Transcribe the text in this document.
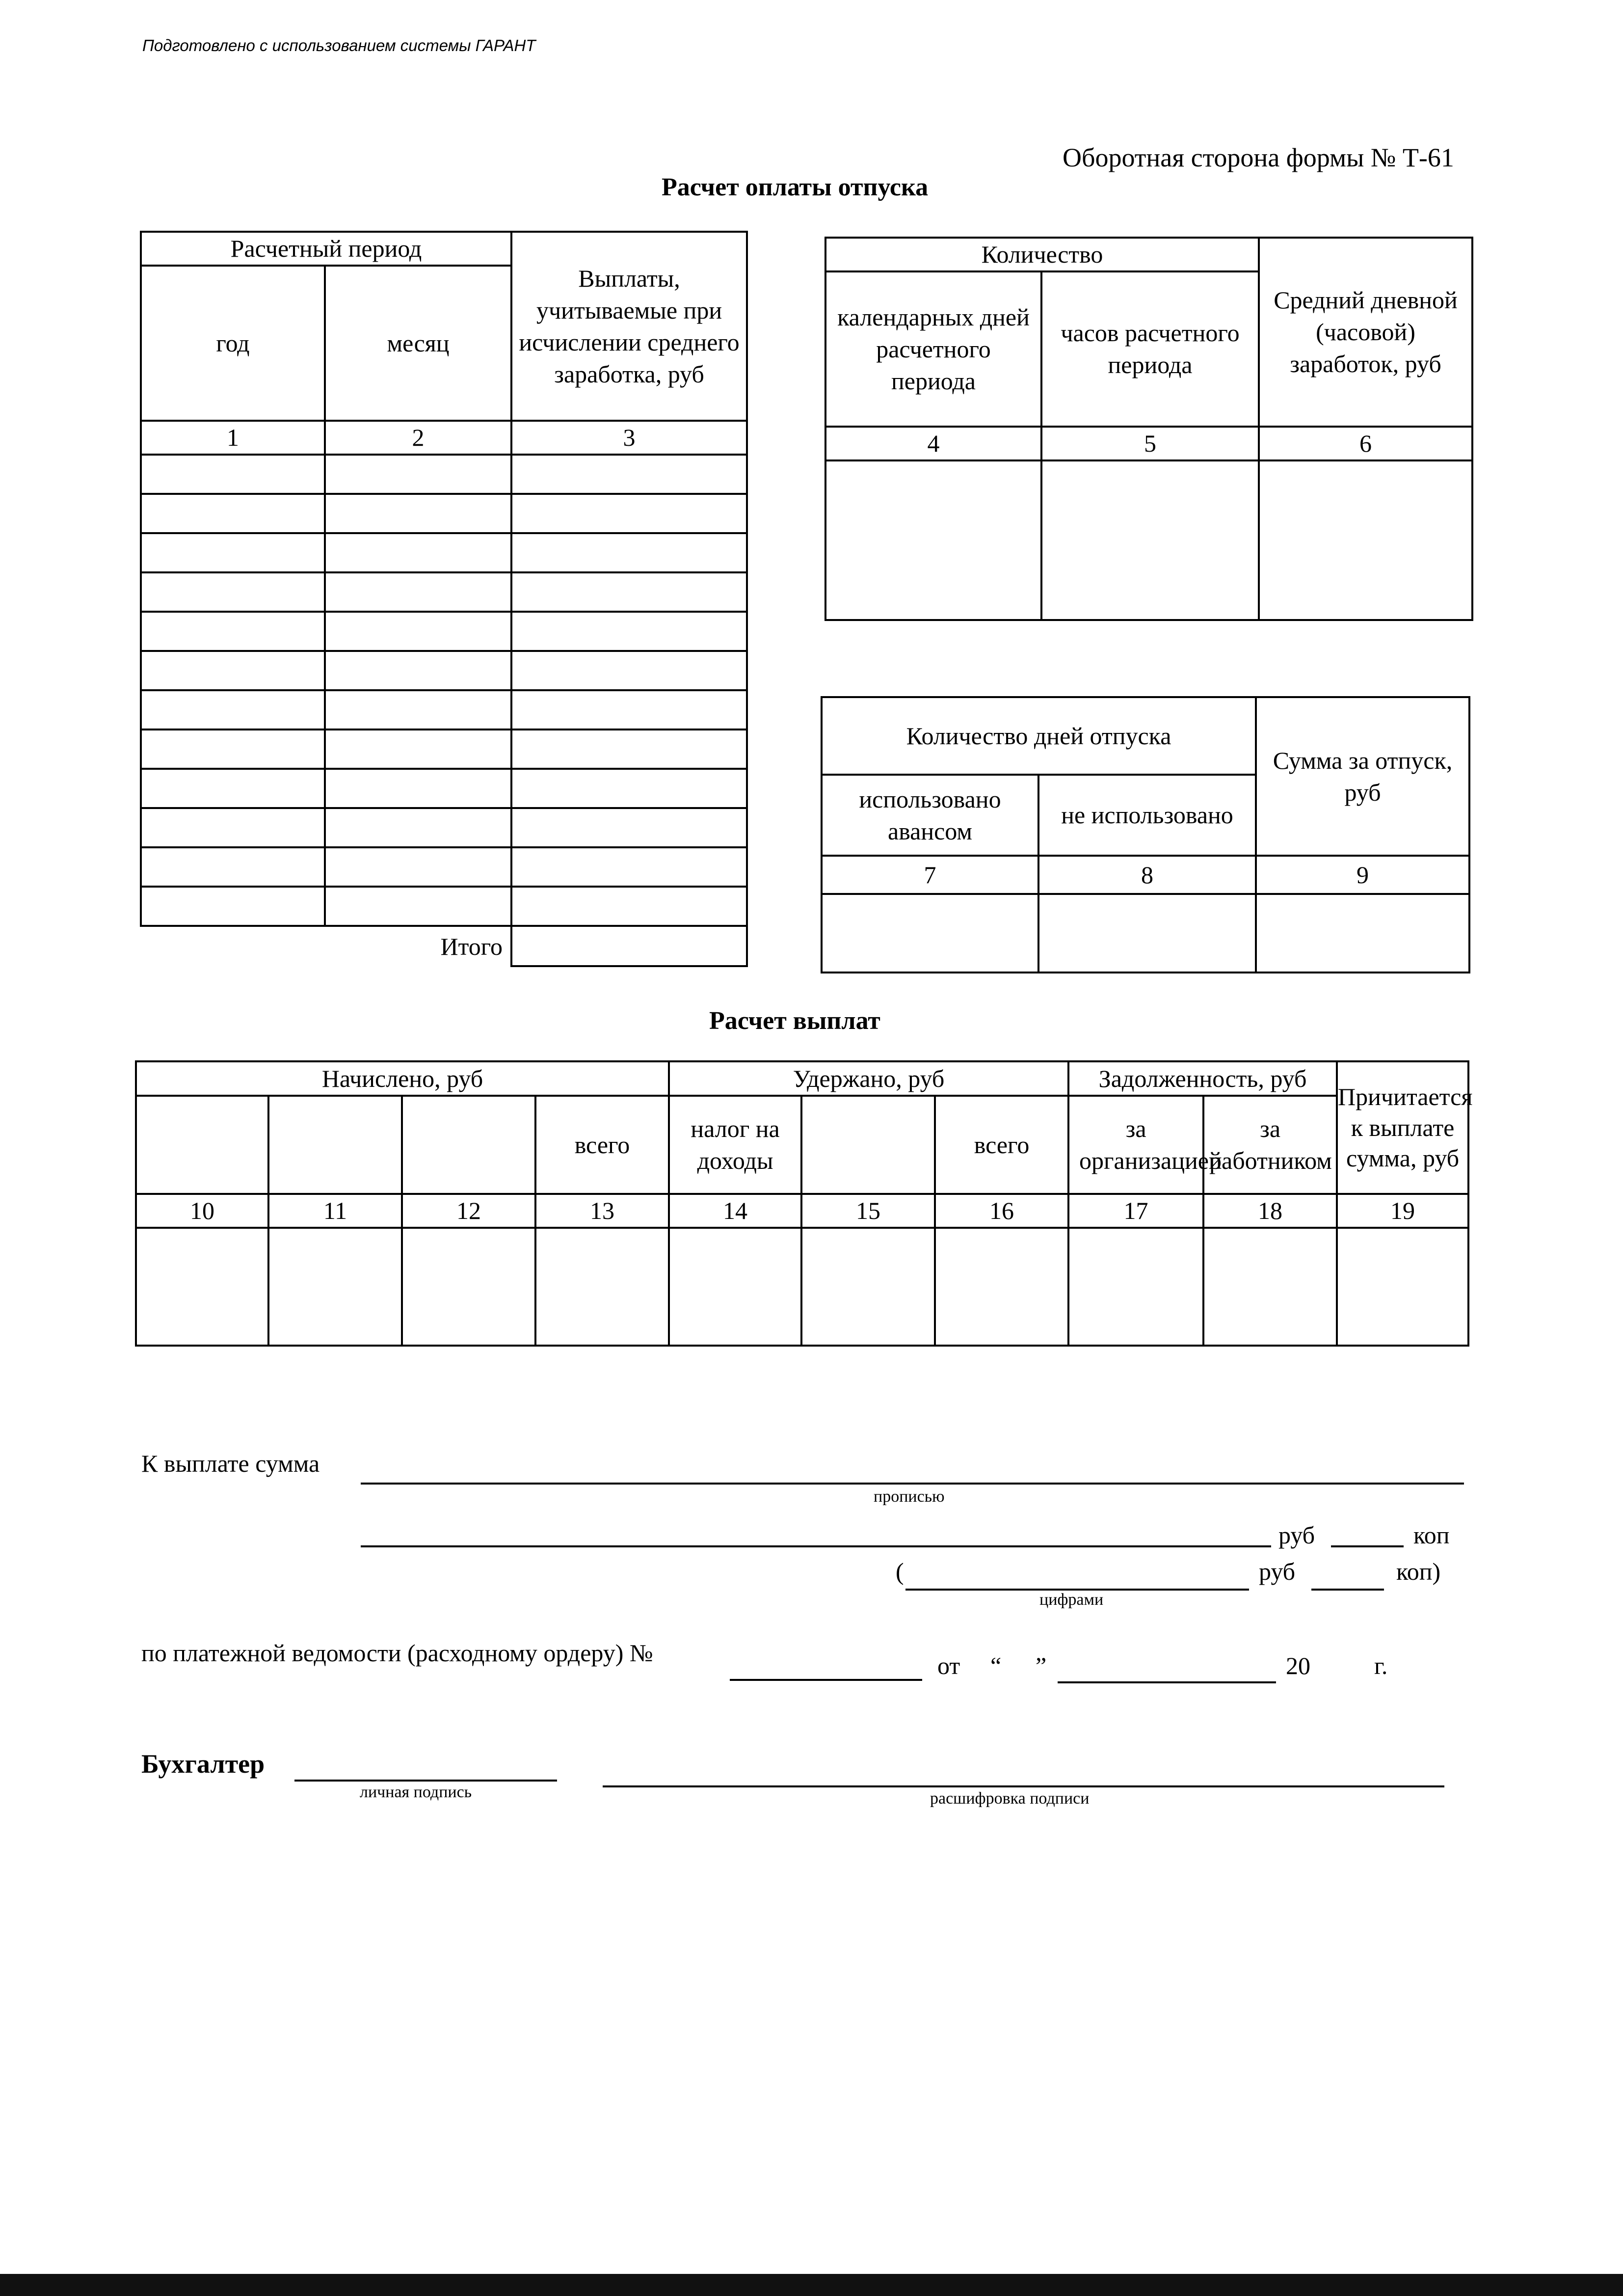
Подготовлено с использованием системы ГАРАНТ
Оборотная сторона формы № Т-61
Расчет оплаты отпуска
Расчетный период		Выплаты, учитываемые при исчислении среднего заработка, руб
год	месяц	
1	2	3

Итого		
Количество		Средний дневной (часовой) заработок, руб
календарных дней расчетного периода	часов расчетного периода	
4	5	6

Количество дней отпуска		Сумма за отпуск, руб
использовано авансом	не использовано	
7	8	9

Расчет выплат
Начислено, руб				Удержано, руб			Задолженность, руб		Причитается к выплате сумма, руб
			всего	налог на доходы		всего	за организацией	за работником	
10	11	12	13	14	15	16	17	18	19

К выплате сумма
прописью
руб	коп
(	руб	коп)
цифрами
по платежной ведомости (расходному ордеру) №	от “ ”	20	г.
Бухгалтер
личная подпись	расшифровка подписи
